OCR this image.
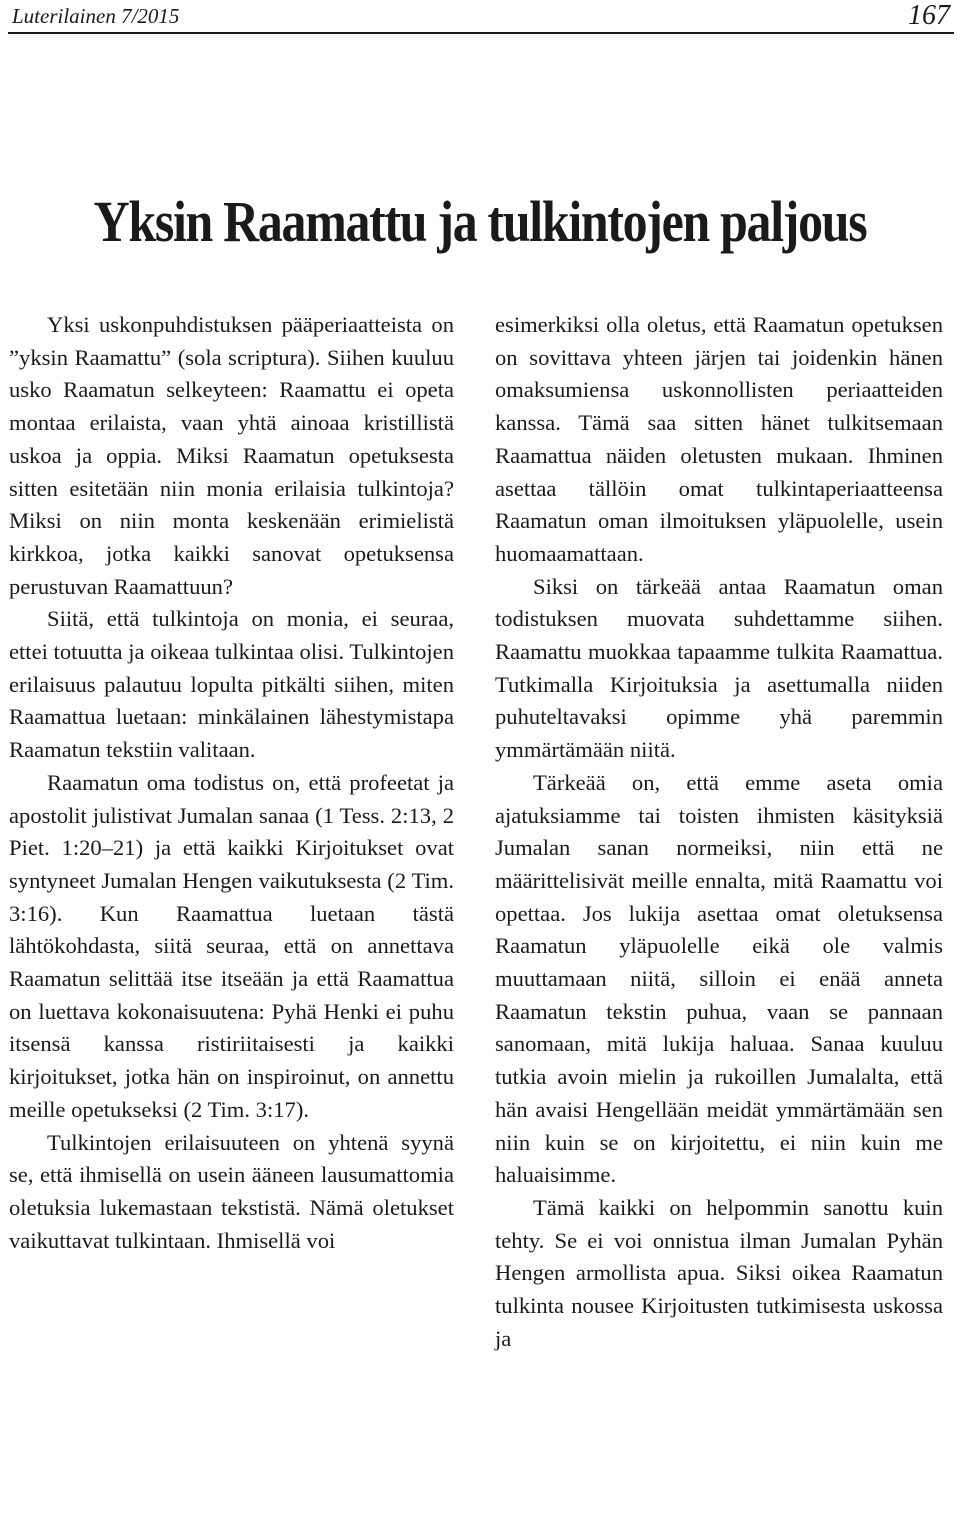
Luterilainen 7/2015	167
Yksin Raamattu ja tulkintojen paljous

Yksi uskonpuhdistuksen pääperiaatteista on ”yksin Raamattu” (sola scriptura). Siihen kuuluu usko Raamatun selkeyteen: Raamattu ei opeta montaa erilaista, vaan yhtä ainoaa kristillistä uskoa ja oppia. Miksi Raamatun opetuksesta sitten esitetään niin monia erilaisia tulkintoja? Miksi on niin monta keskenään erimielistä kirkkoa, jotka kaikki sanovat opetuksensa perustuvan Raamattuun?

Siitä, että tulkintoja on monia, ei seuraa, ettei totuutta ja oikeaa tulkintaa olisi. Tulkintojen erilaisuus palautuu lopulta pitkälti siihen, miten Raamattua luetaan: minkälainen lähestymistapa Raamatun tekstiin valitaan.

Raamatun oma todistus on, että profeetat ja apostolit julistivat Jumalan sanaa (1 Tess. 2:13, 2 Piet. 1:20–21) ja että kaikki Kirjoitukset ovat syntyneet Jumalan Hengen vaikutuksesta (2 Tim. 3:16). Kun Raamattua luetaan tästä lähtökohdasta, siitä seuraa, että on annettava Raamatun selittää itse itseään ja että Raamattua on luettava kokonaisuutena: Pyhä Henki ei puhu itsensä kanssa ristiriitaisesti ja kaikki kirjoitukset, jotka hän on inspiroinut, on annettu meille opetukseksi (2 Tim. 3:17).

Tulkintojen erilaisuuteen on yhtenä syynä se, että ihmisellä on usein ääneen lausumattomia oletuksia lukemastaan tekstistä. Nämä oletukset vaikuttavat tulkintaan. Ihmisellä voi

esimerkiksi olla oletus, että Raamatun opetuksen on sovittava yhteen järjen tai joidenkin hänen omaksumiensa uskonnollisten periaatteiden kanssa. Tämä saa sitten hänet tulkitsemaan Raamattua näiden oletusten mukaan. Ihminen asettaa tällöin omat tulkintaperiaatteensa Raamatun oman ilmoituksen yläpuolelle, usein huomaamattaan.

Siksi on tärkeää antaa Raamatun oman todistuksen muovata suhdettamme siihen. Raamattu muokkaa tapaamme tulkita Raamattua. Tutkimalla Kirjoituksia ja asettumalla niiden puhuteltavaksi opimme yhä paremmin ymmärtämään niitä.

Tärkeää on, että emme aseta omia ajatuksiamme tai toisten ihmisten käsityksiä Jumalan sanan normeiksi, niin että ne määrittelisivät meille ennalta, mitä Raamattu voi opettaa. Jos lukija asettaa omat oletuksensa Raamatun yläpuolelle eikä ole valmis muuttamaan niitä, silloin ei enää anneta Raamatun tekstin puhua, vaan se pannaan sanomaan, mitä lukija haluaa. Sanaa kuuluu tutkia avoin mielin ja rukoillen Jumalalta, että hän avaisi Hengellään meidät ymmärtämään sen niin kuin se on kirjoitettu, ei niin kuin me haluaisimme.

Tämä kaikki on helpommin sanottu kuin tehty. Se ei voi onnistua ilman Jumalan Pyhän Hengen armollista apua. Siksi oikea Raamatun tulkinta nousee Kirjoitusten tutkimisesta uskossa ja
